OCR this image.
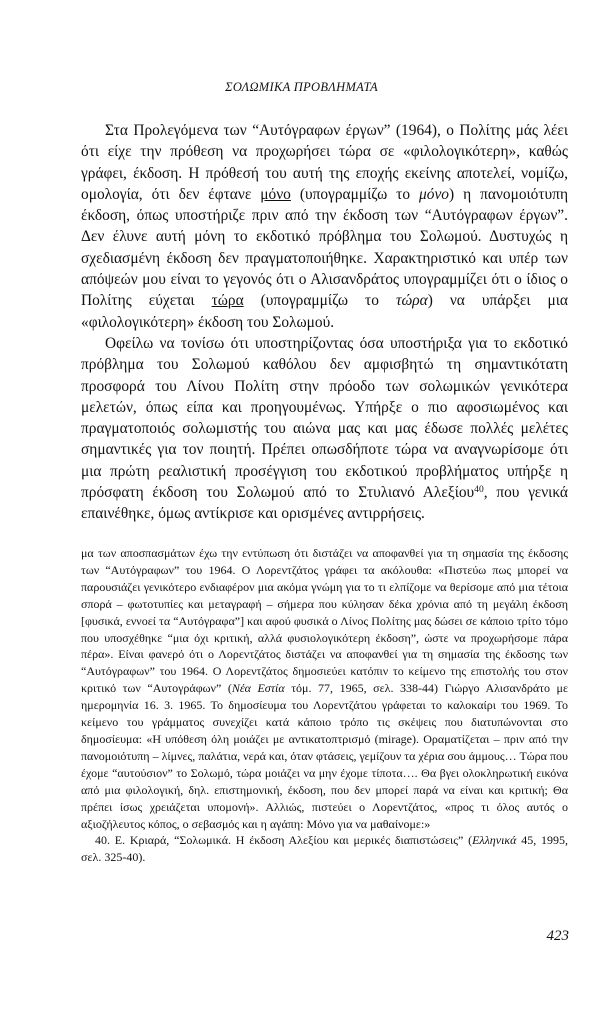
ΣΟΛΩΜΙΚΑ ΠΡΟΒΛΗΜΑΤΑ

Στα Προλεγόμενα των “Αυτόγραφων έργων” (1964), ο Πολίτης μάς λέει ότι είχε την πρόθεση να προχωρήσει τώρα σε «φιλολογικότερη», καθώς γράφει, έκδοση. Η πρόθεσή του αυτή της εποχής εκείνης αποτελεί, νομίζω, ομολογία, ότι δεν έφτανε μόνο (υπογραμμίζω το μόνο) η πανομοιότυπη έκδοση, όπως υποστήριζε πριν από την έκδοση των “Αυτόγραφων έργων”. Δεν έλυνε αυτή μόνη το εκδοτικό πρόβλημα του Σολωμού. Δυστυχώς η σχεδιασμένη έκδοση δεν πραγματοποιήθηκε. Χαρακτηριστικό και υπέρ των απόψεών μου είναι το γεγονός ότι ο Αλισανδράτος υπογραμμίζει ότι ο ίδιος ο Πολίτης εύχεται τώρα (υπογραμμίζω το τώρα) να υπάρξει μια «φιλολογικότερη» έκδοση του Σολωμού.

Οφείλω να τονίσω ότι υποστηρίζοντας όσα υποστήριξα για το εκδοτικό πρόβλημα του Σολωμού καθόλου δεν αμφισβητώ τη σημαντικότατη προσφορά του Λίνου Πολίτη στην πρόοδο των σολωμικών γενικότερα μελετών, όπως είπα και προηγουμένως. Υπήρξε ο πιο αφοσιωμένος και πραγματοποιός σολωμιστής του αιώνα μας και μας έδωσε πολλές μελέτες σημαντικές για τον ποιητή. Πρέπει οπωσδήποτε τώρα να αναγνωρίσομε ότι μια πρώτη ρεαλιστική προσέγγιση του εκδοτικού προβλήματος υπήρξε η πρόσφατη έκδοση του Σολωμού από το Στυλιανό Αλεξίου$^{40}$, που γενικά επαινέθηκε, όμως αντίκρισε και ορισμένες αντιρρήσεις.

μα των αποσπασμάτων έχω την εντύπωση ότι διστάζει να αποφανθεί για τη σημασία της έκδοσης των “Αυτόγραφων” του 1964. Ο Λορεντζάτος γράφει τα ακόλουθα: «Πιστεύω πως μπορεί να παρουσιάζει γενικότερο ενδιαφέρον μια ακόμα γνώμη για το τι ελπίζομε να θερίσομε από μια τέτοια σπορά – φωτοτυπίες και μεταγραφή – σήμερα που κύλησαν δέκα χρόνια από τη μεγάλη έκδοση [φυσικά, εννοεί τα “Αυτόγραφα”] και αφού φυσικά ο Λίνος Πολίτης μας δώσει σε κάποιο τρίτο τόμο που υποσχέθηκε “μια όχι κριτική, αλλά φυσιολογικότερη έκδοση”, ώστε να προχωρήσομε πάρα πέρα». Είναι φανερό ότι ο Λορεντζάτος διστάζει να αποφανθεί για τη σημασία της έκδοσης των “Αυτόγραφων” του 1964. Ο Λορεντζάτος δημοσιεύει κατόπιν το κείμενο της επιστολής του στον κριτικό των “Αυτογράφων” (Νέα Εστία τόμ. 77, 1965, σελ. 338-44) Γιώργο Αλισανδράτο με ημερομηνία 16. 3. 1965. Το δημοσίευμα του Λορεντζάτου γράφεται το καλοκαίρι του 1969. Το κείμενο του γράμματος συνεχίζει κατά κάποιο τρόπο τις σκέψεις που διατυπώνονται στο δημοσίευμα: «Η υπόθεση όλη μοιάζει με αντικατοπτρισμό (mirage). Οραματίζεται – πριν από την πανομοιότυπη – λίμνες, παλάτια, νερά και, όταν φτάσεις, γεμίζουν τα χέρια σου άμμους… Τώρα που έχομε “αυτούσιον” το Σολωμό, τώρα μοιάζει να μην έχομε τίποτα…. Θα βγει ολοκληρωτική εικόνα από μια φιλολογική, δηλ. επιστημονική, έκδοση, που δεν μπορεί παρά να είναι και κριτική; Θα πρέπει ίσως χρειάζεται υπομονή». Αλλιώς, πιστεύει ο Λορεντζάτος, «προς τι όλος αυτός ο αξιοζήλευτος κόπος, ο σεβασμός και η αγάπη: Μόνο για να μαθαίνομε:»

40. Ε. Κριαρά, “Σολωμικά. Η έκδοση Αλεξίου και μερικές διαπιστώσεις” (Ελληνικά 45, 1995, σελ. 325-40).

423
